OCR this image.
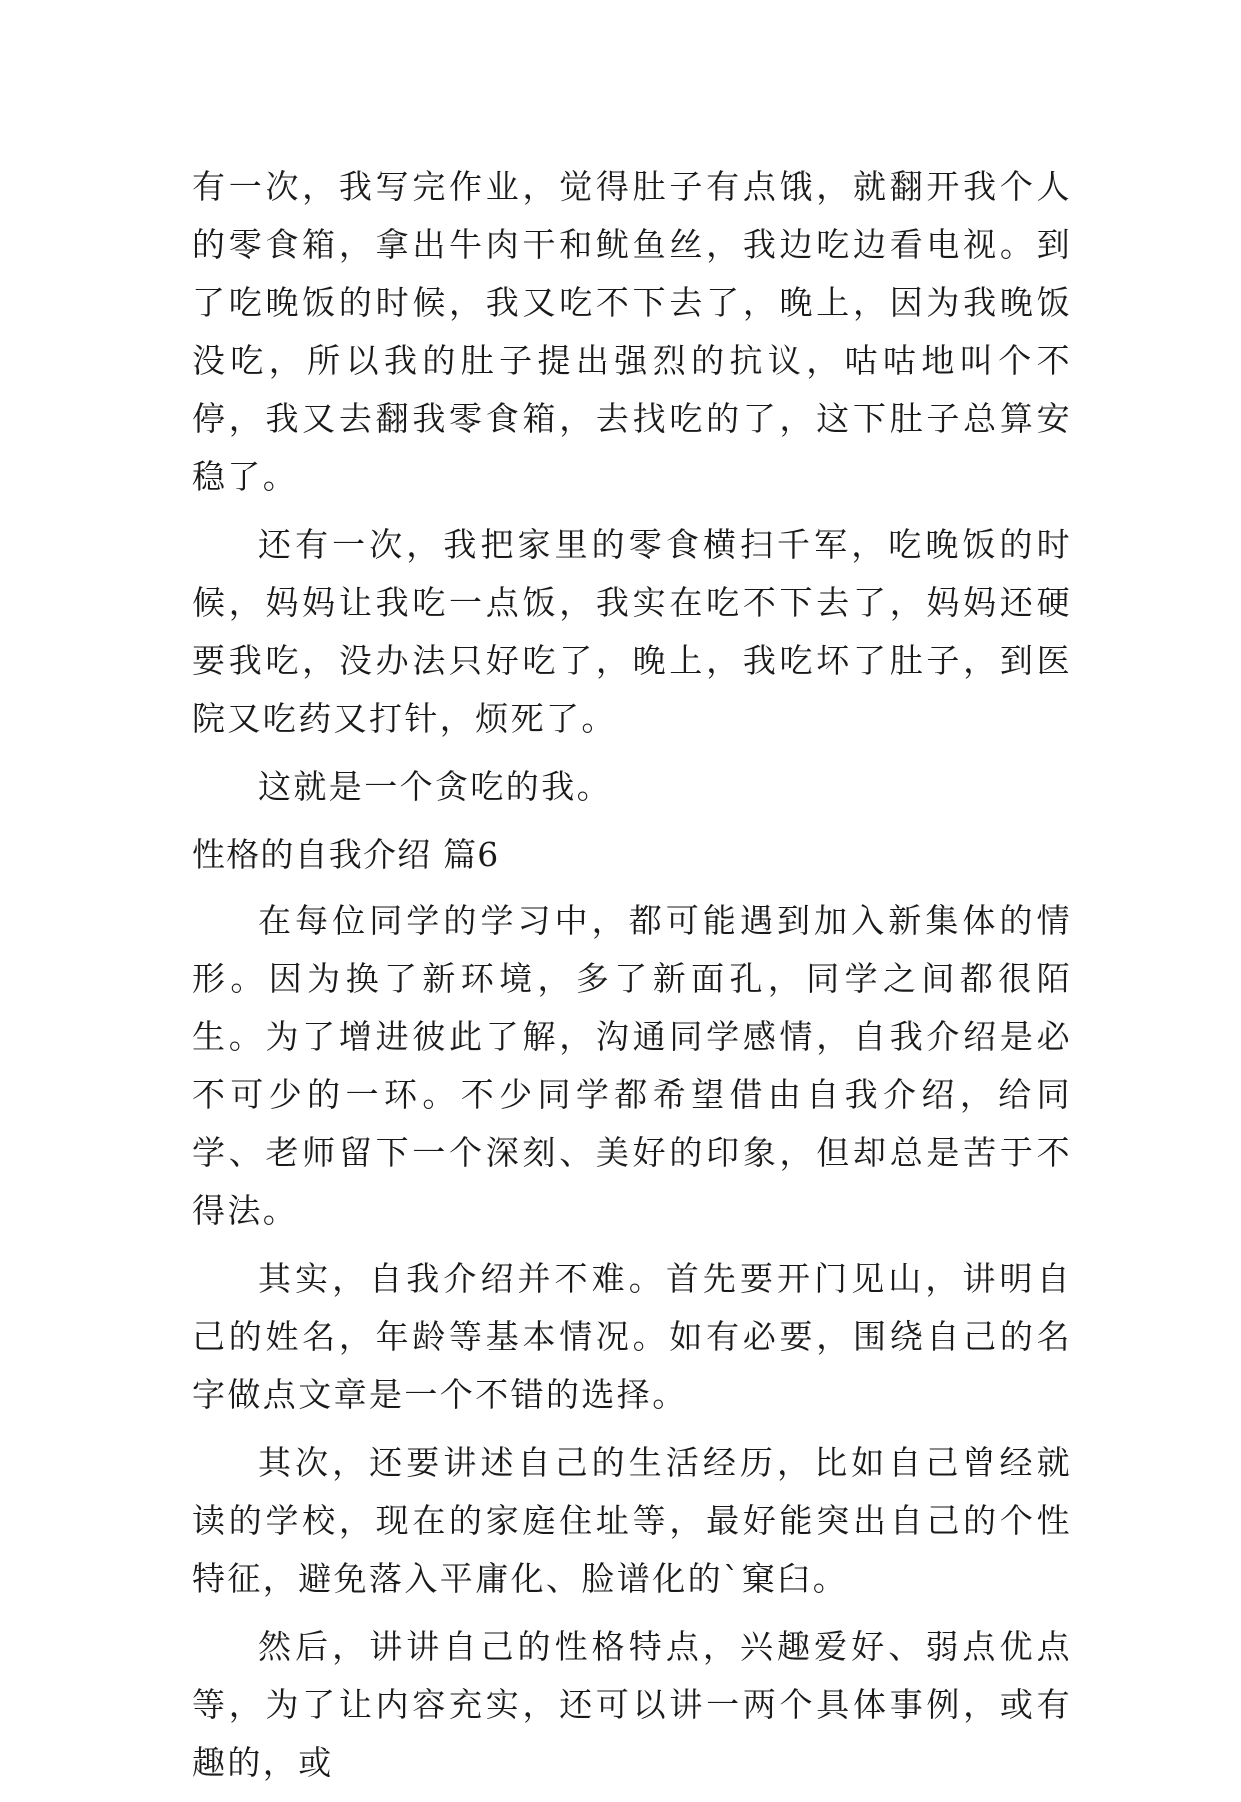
有一次，我写完作业，觉得肚子有点饿，就翻开我个人的零食箱，拿出牛肉干和鱿鱼丝，我边吃边看电视。到了吃晚饭的时候，我又吃不下去了，晚上，因为我晚饭没吃，所以我的肚子提出强烈的抗议，咕咕地叫个不停，我又去翻我零食箱，去找吃的了，这下肚子总算安稳了。

还有一次，我把家里的零食横扫千军，吃晚饭的时候，妈妈让我吃一点饭，我实在吃不下去了，妈妈还硬要我吃，没办法只好吃了，晚上，我吃坏了肚子，到医院又吃药又打针，烦死了。

这就是一个贪吃的我。

性格的自我介绍 篇6

在每位同学的学习中，都可能遇到加入新集体的情形。因为换了新环境，多了新面孔，同学之间都很陌生。为了增进彼此了解，沟通同学感情，自我介绍是必不可少的一环。不少同学都希望借由自我介绍，给同学、老师留下一个深刻、美好的印象，但却总是苦于不得法。

其实，自我介绍并不难。首先要开门见山，讲明自己的姓名，年龄等基本情况。如有必要，围绕自己的名字做点文章是一个不错的选择。

其次，还要讲述自己的生活经历，比如自己曾经就读的学校，现在的家庭住址等，最好能突出自己的个性特征，避免落入平庸化、脸谱化的`窠臼。

然后，讲讲自己的性格特点，兴趣爱好、弱点优点等，为了让内容充实，还可以讲一两个具体事例，或有趣的，或
